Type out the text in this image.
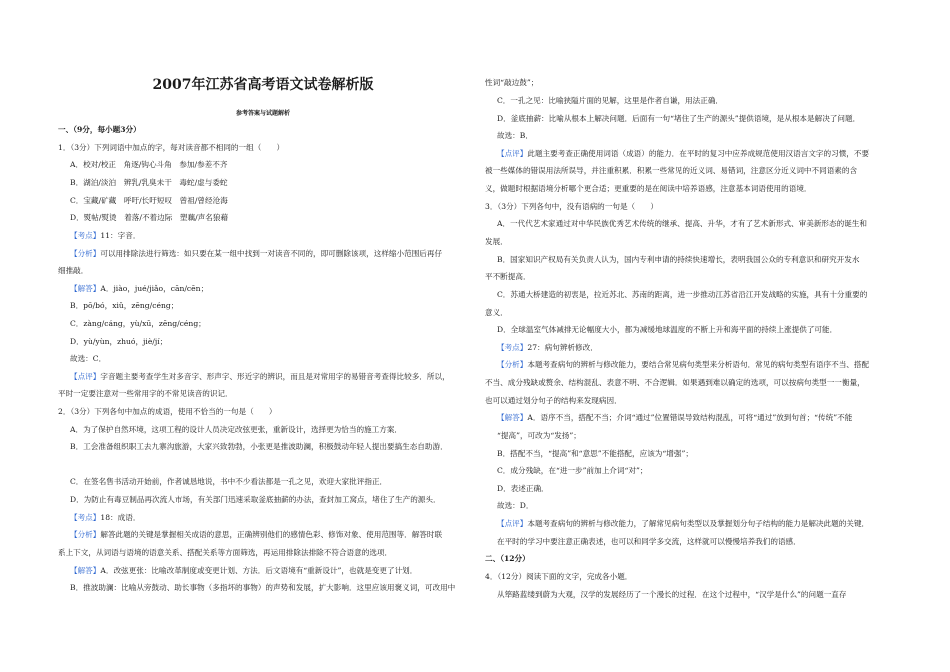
2007年江苏省高考语文试卷解析版
参考答案与试题解析
一、（9分，每小题3分）
1．（3分）下列词语中加点的字，每对读音都不相同的一组（　　）
A．校对/校正　角逐/钩心斗角　参加/参差不齐
B．湖泊/淡泊　辨乳/乳臭未干　毒蛇/虚与委蛇
C．宝藏/矿藏　呼吁/长吁短叹　曾祖/曾经沧海
D．熨帖/熨烫　着落/不着边际　塑藕/声名狼藉
【考点】11：字音．
【分析】可以用排除法进行筛选：如只要在某一组中找到一对读音不同的，即可删除该项，这样缩小范围后再仔
细推敲．
【解答】A．jiào，jué/jiǎo，cān/cēn；
B．pō/bó，xiǔ，zēng/céng；
C．zàng/cáng，yù/xū，zēng/céng；
D．yù/yùn，zhuó，jiè/jí；
故选：C．
【点评】字音题主要考查学生对多音字、形声字、形近字的辨识，而且是对常用字的易错音考查得比较多．所以，
平时一定要注意对一些常用字的不常见读音的识记．
2．（3分）下列各句中加点的成语，使用不恰当的一句是（　　）
A．为了保护自然环境，这项工程的设计人员决定改弦更张，重新设计，选择更为恰当的施工方案．
B．工会准备组织职工去九寨沟旅游，大家兴致勃勃，小张更是推波助澜，积极鼓动年轻人提出要搞生态自助游．
C．在签名售书活动开始前，作者诚恳地说，书中不少看法都是一孔之见，欢迎大家批评指正．
D．为防止有毒豆制品再次流人市场，有关部门迅速采取釜底抽薪的办法，查封加工窝点，堵住了生产的源头．
【考点】18：成语．
【分析】解答此题的关键是掌握相关成语的意思，正确辨别他们的感情色彩、修饰对象、使用范围等．解答时联
系上下文，从词语与语境的语意关系、搭配关系等方面筛选，再运用排除法排除不符合语意的选项．
【解答】A．改弦更张：比喻改革制度或变更计划、方法．后文语境有“重新设计”，也就是变更了计划．
B．推波助澜：比喻从旁鼓动、助长事物（多指坏的事物）的声势和发展，扩大影响．这里应该用褒义词，可改用中
性词“敲边鼓”；
C．一孔之见：比喻狭隘片面的见解，这里是作者自谦，用法正确．
D．釜底抽薪：比喻从根本上解决问题．后面有一句“堵住了生产的源头”提供语境，是从根本是解决了问题．
故选：B．
【点评】此题主要考查正确使用词语（成语）的能力．在平时的复习中应养成规范使用汉语言文字的习惯，不要
被一些媒体的错误用法所误导，并注重积累．积累一些常见的近义词、易错词，注意区分近义词中不同语素的含
义，做题时根据语境分析哪个更合适；更重要的是在阅读中培养语感，注意基本词语使用的语境．
3．（3分）下列各句中，没有语病的一句是（　　）
A．一代代艺术家通过对中华民族优秀艺术传统的继承、提高、升华，才有了艺术新形式、审美新形态的诞生和
发展．
B．国家知识产权局有关负责人认为，国内专利申请的持续快速增长，表明我国公众的专利意识和研究开发水
平不断提高．
C．苏通大桥建造的初衷是，拉近苏北、苏南的距离，进一步推动江苏省沿江开发战略的实施，具有十分重要的
意义．
D．全球温室气体减排无论幅度大小，都为减缓地球温度的不断上升和海平面的持续上涨提供了可能．
【考点】27：病句辨析修改．
【分析】本题考查病句的辨析与修改能力，要结合常见病句类型来分析语句．常见的病句类型有语序不当、搭配
不当、成分残缺或赘余、结构混乱、表意不明、不合逻辑．如果遇到难以确定的选项，可以按病句类型一一衡量，
也可以通过划分句子的结构来发现病因．
【解答】A．语序不当，搭配不当；介词“通过”位置错误导致结构混乱，可将“通过”放到句首；“传统”不能
“提高”，可改为“发扬”；
B．搭配不当，“提高”和“意思”不能搭配，应该为“增强”；
C．成分残缺，在“进一步”前加上介词“对”；
D．表述正确．
故选：D．
【点评】本题考查病句的辨析与修改能力，了解常见病句类型以及掌握划分句子结构的能力是解决此题的关键．
在平时的学习中要注意正确表述，也可以和同学多交流，这样就可以慢慢培养我们的语感．
二、（12分）
4．（12分）阅读下面的文字，完成各小题．
从筚路蓝缕到蔚为大观，汉学的发展经历了一个漫长的过程．在这个过程中，“汉学是什么”的问题一直存
